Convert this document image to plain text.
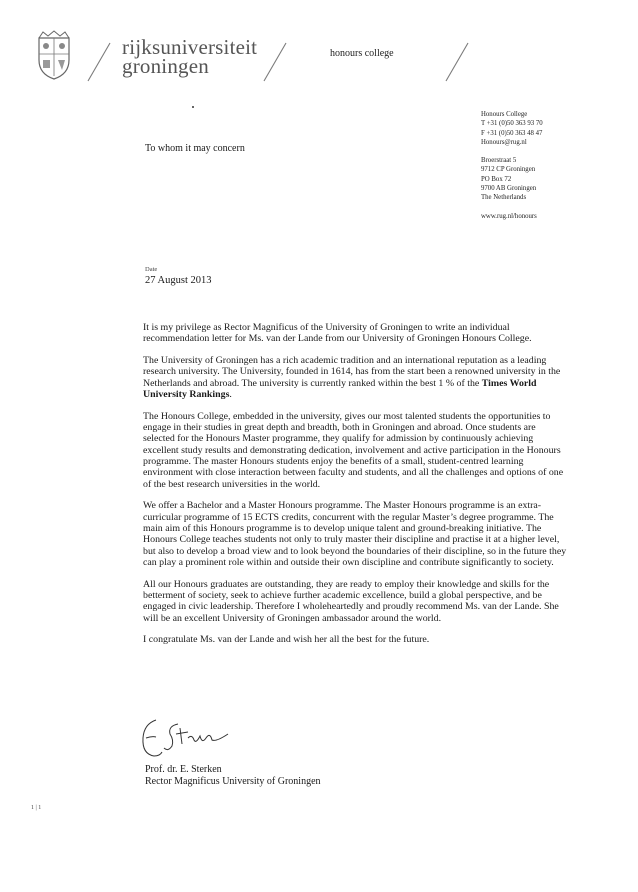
rijksuniversiteit
groningen
honours college
Honours College
T +31 (0)50 363 93 70
F +31 (0)50 363 48 47
Honours@rug.nl
Broerstraat 5
9712 CP Groningen
PO Box 72
9700 AB Groningen
The Netherlands
www.rug.nl/honours
To whom it may concern
Date
27 August 2013

It is my privilege as Rector Magnificus of the University of Groningen to write an individual recommendation letter for Ms. van der Lande from our University of Groningen Honours College.

The University of Groningen has a rich academic tradition and an international reputation as a leading research university. The University, founded in 1614, has from the start been a renowned university in the Netherlands and abroad. The university is currently ranked within the best 1 % of the Times World University Rankings.

The Honours College, embedded in the university, gives our most talented students the opportunities to engage in their studies in great depth and breadth, both in Groningen and abroad. Once students are selected for the Honours Master programme, they qualify for admission by continuously achieving excellent study results and demonstrating dedication, involvement and active participation in the Honours programme. The master Honours students enjoy the benefits of a small, student-centred learning environment with close interaction between faculty and students, and all the challenges and options of one of the best research universities in the world.

We offer a Bachelor and a Master Honours programme. The Master Honours programme is an extra-curricular programme of 15 ECTS credits, concurrent with the regular Master’s degree programme. The main aim of this Honours programme is to develop unique talent and ground-breaking initiative. The Honours College teaches students not only to truly master their discipline and practise it at a higher level, but also to develop a broad view and to look beyond the boundaries of their discipline, so in the future they can play a prominent role within and outside their own discipline and contribute significantly to society.

All our Honours graduates are outstanding, they are ready to employ their knowledge and skills for the betterment of society, seek to achieve further academic excellence, build a global perspective, and be engaged in civic leadership. Therefore I wholeheartedly and proudly recommend Ms. van der Lande. She will be an excellent University of Groningen ambassador around the world.

I congratulate Ms. van der Lande and wish her all the best for the future.

Prof. dr. E. Sterken
Rector Magnificus University of Groningen
1 | 1
